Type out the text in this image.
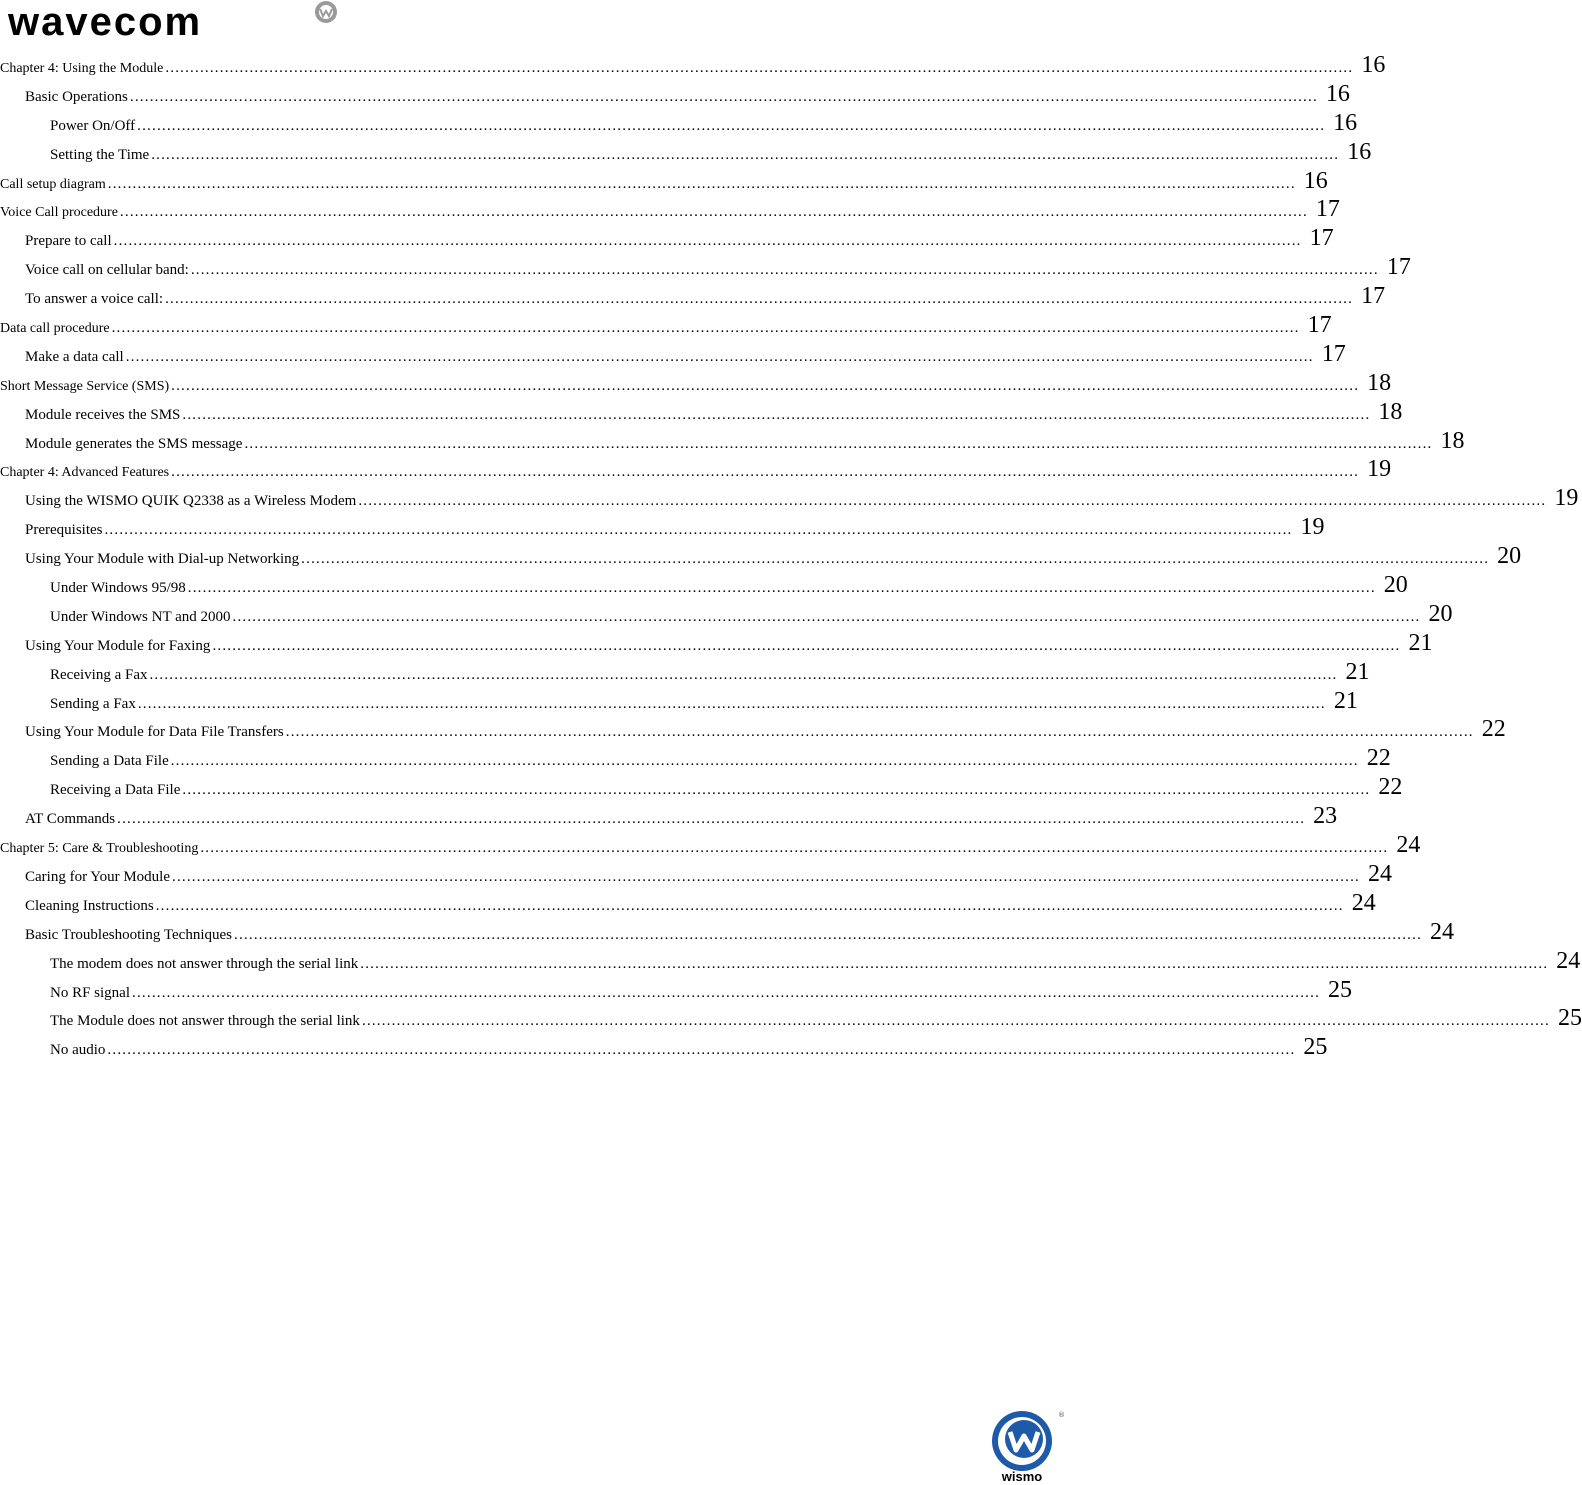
wavecom
Chapter 4: Using the Module .....	16
Basic Operations .....	16
Power On/Off .....	16
Setting the Time .....	16
Call setup diagram .....	16
Voice Call procedure .....	17
Prepare to call .....	17
Voice call on cellular band: .....	17
To answer a voice call: .....	17
Data call procedure .....	17
Make a data call .....	17
Short Message Service (SMS) .....	18
Module receives the SMS .....	18
Module generates the SMS message .....	18
Chapter 4: Advanced Features .....	19
Using the WISMO QUIK Q2338 as a Wireless Modem .....	19
Prerequisites .....	19
Using Your Module with Dial-up Networking .....	20
Under Windows 95/98 .....	20
Under Windows NT and 2000 .....	20
Using Your Module for Faxing .....	21
Receiving a Fax .....	21
Sending a Fax .....	21
Using Your Module for Data File Transfers .....	22
Sending a Data File .....	22
Receiving a Data File .....	22
AT Commands .....	23
Chapter 5: Care & Troubleshooting .....	24
Caring for Your Module .....	24
Cleaning Instructions .....	24
Basic Troubleshooting Techniques .....	24
The modem does not answer through the serial link .....	24
No RF signal .....	25
The Module does not answer through the serial link .....	25
No audio .....	25
®
wismo
